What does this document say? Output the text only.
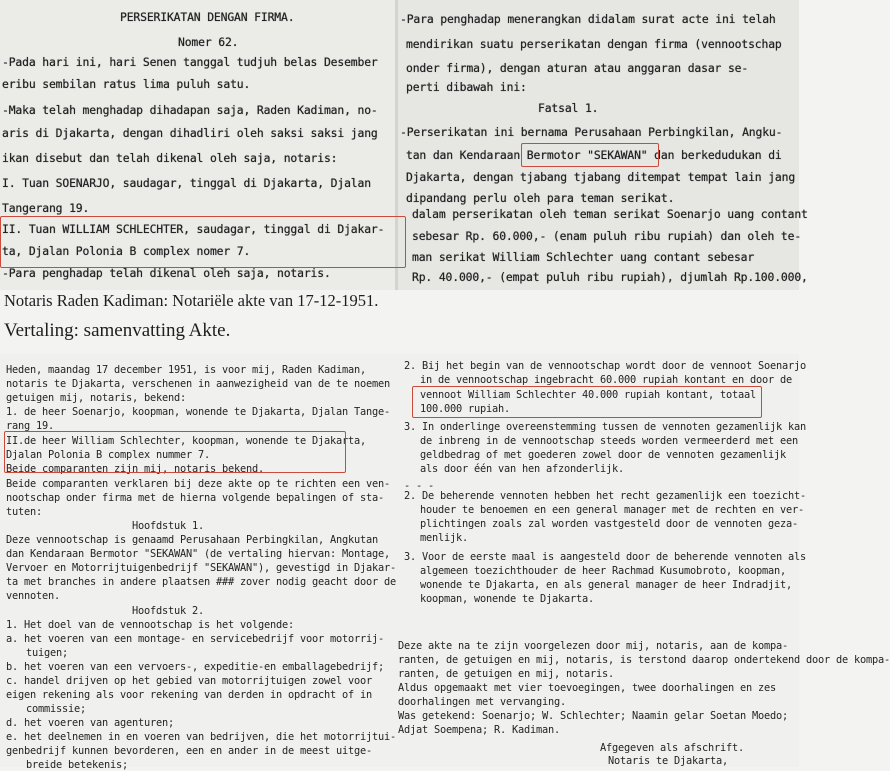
PERSERIKATAN DENGAN FIRMA.
Nomer 62.
-Pada hari ini, hari Senen tanggal tudjuh belas Desember
eribu sembilan ratus lima puluh satu.
-Maka telah menghadap dihadapan saja, Raden Kadiman, no-
aris di Djakarta, dengan dihadliri oleh saksi saksi jang
ikan disebut dan telah dikenal oleh saja, notaris:
I. Tuan SOENARJO, saudagar, tinggal di Djakarta, Djalan
Tangerang 19.
II. Tuan WILLIAM SCHLECHTER, saudagar, tinggal di Djakar-
ta, Djalan Polonia B complex nomer 7.
-Para penghadap telah dikenal oleh saja, notaris.
-Para penghadap menerangkan didalam surat acte ini telah
mendirikan suatu perserikatan dengan firma (vennootschap
onder firma), dengan aturan atau anggaran dasar se-
perti dibawah ini:
Fatsal 1.
-Perserikatan ini bernama Perusahaan Perbingkilan, Angku-
tan dan Kendaraan Bermotor "SEKAWAN" dan berkedudukan di
Djakarta, dengan tjabang tjabang ditempat tempat lain jang
dipandang perlu oleh para teman serikat.
dalam perserikatan oleh teman serikat Soenarjo uang contant
sebesar Rp. 60.000,- (enam puluh ribu rupiah) dan oleh te-
man serikat William Schlechter uang contant sebesar
Rp. 40.000,- (empat puluh ribu rupiah), djumlah Rp.100.000,
Notaris Raden Kadiman: Notariële akte van 17-12-1951.
Vertaling: samenvatting Akte.
Heden, maandag 17 december 1951, is voor mij, Raden Kadiman,
notaris te Djakarta, verschenen in aanwezigheid van de te noemen
getuigen mij, notaris, bekend:
1. de heer Soenarjo, koopman, wonende te Djakarta, Djalan Tange-
rang 19.
II.de heer William Schlechter, koopman, wonende te Djakarta,
Djalan Polonia B complex nummer 7.
Beide comparanten zijn mij, notaris bekend.
Beide comparanten verklaren bij deze akte op te richten een ven-
nootschap onder firma met de hierna volgende bepalingen of sta-
tuten:
Hoofdstuk 1.
Deze vennootschap is genaamd Perusahaan Perbingkilan, Angkutan
dan Kendaraan Bermotor "SEKAWAN" (de vertaling hiervan: Montage,
Vervoer en Motorrijtuigenbedrijf "SEKAWAN"), gevestigd in Djakar-
ta met branches in andere plaatsen ### zover nodig geacht door de
vennoten.
Hoofdstuk 2.
1. Het doel van de vennootschap is het volgende:
a. het voeren van een montage- en servicebedrijf voor motorrij-
tuigen;
b. het voeren van een vervoers-, expeditie-en emballagebedrijf;
c. handel drijven op het gebied van motorrijtuigen zowel voor
eigen rekening als voor rekening van derden in opdracht of in
commissie;
d. het voeren van agenturen;
e. het deelnemen in en voeren van bedrijven, die het motorrijtui-
genbedrijf kunnen bevorderen, een en ander in de meest uitge-
breide betekenis;
2. Bij het begin van de vennootschap wordt door de vennoot Soenarjo
in de vennootschap ingebracht 60.000 rupiah kontant en door de
vennoot William Schlechter 40.000 rupiah kontant, totaal
100.000 rupiah.
3. In onderlinge overeenstemming tussen de vennoten gezamenlijk kan
de inbreng in de vennootschap steeds worden vermeerderd met een
geldbedrag of met goederen zowel door de vennoten gezamenlijk
als door één van hen afzonderlijk.
- - -
2. De beherende vennoten hebben het recht gezamenlijk een toezicht-
houder te benoemen en een general manager met de rechten en ver-
plichtingen zoals zal worden vastgesteld door de vennoten geza-
menlijk.
3. Voor de eerste maal is aangesteld door de beherende vennoten als
algemeen toezichthouder de heer Rachmad Kusumobroto, koopman,
wonende te Djakarta, en als general manager de heer Indradjit,
koopman, wonende te Djakarta.
Deze akte na te zijn voorgelezen door mij, notaris, aan de kompa-
ranten, de getuigen en mij, notaris, is terstond daarop ondertekend door de kompa-
ranten, de getuigen en mij, notaris.
Aldus opgemaakt met vier toevoegingen, twee doorhalingen en zes
doorhalingen met vervanging.
Was getekend: Soenarjo; W. Schlechter; Naamin gelar Soetan Moedo;
Adjat Soempena; R. Kadiman.
Afgegeven als afschrift.
Notaris te Djakarta,
